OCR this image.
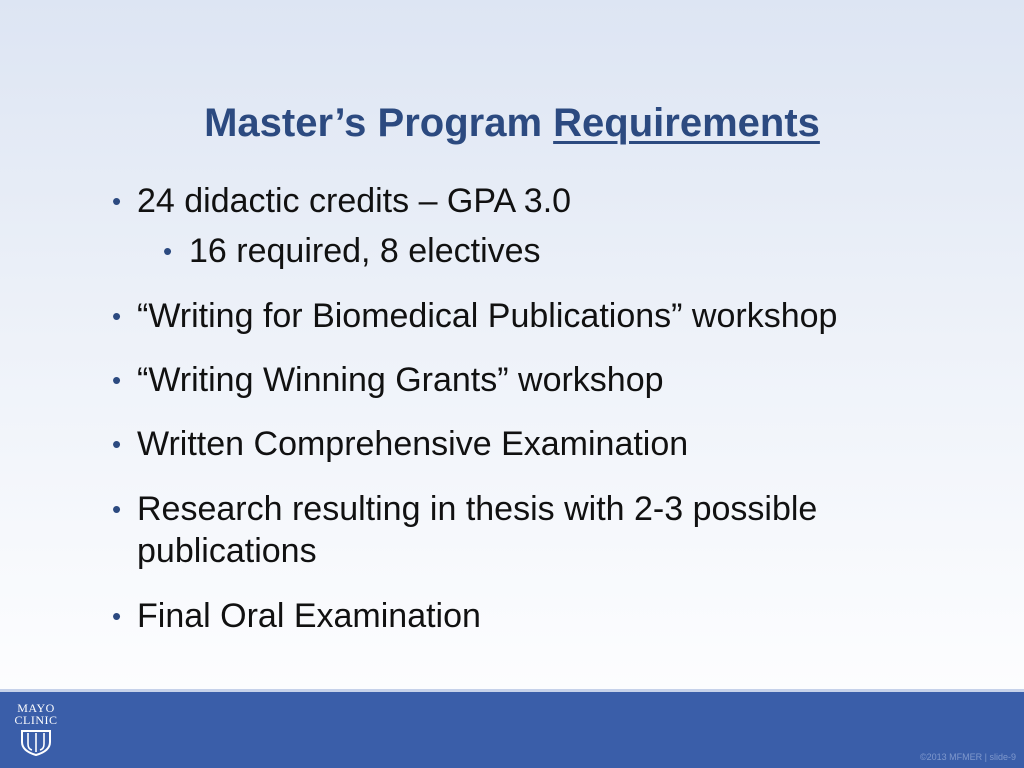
Master’s Program Requirements
• 24 didactic credits – GPA 3.0
• 16 required, 8 electives
• “Writing for Biomedical Publications” workshop
• “Writing Winning Grants” workshop
• Written Comprehensive Examination
• Research resulting in thesis with 2-3 possible publications
• Final Oral Examination
MAYO
CLINIC
©2013 MFMER | slide-9
